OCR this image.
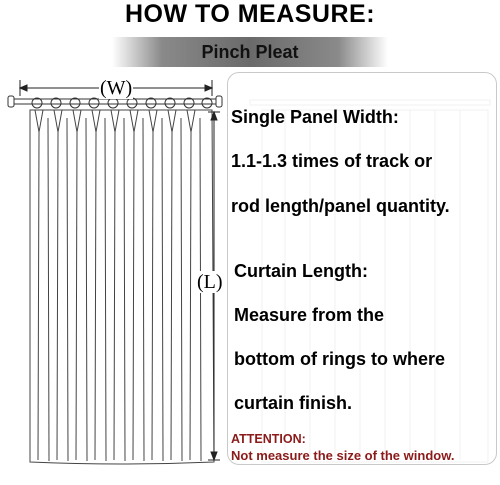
HOW TO MEASURE:
Pinch Pleat
(W)
(L)
Single Panel Width:
1.1-1.3 times of track or
rod length/panel quantity.
Curtain Length:
Measure from the
bottom of rings to where
curtain finish.
ATTENTION:
Not measure the size of the window.
